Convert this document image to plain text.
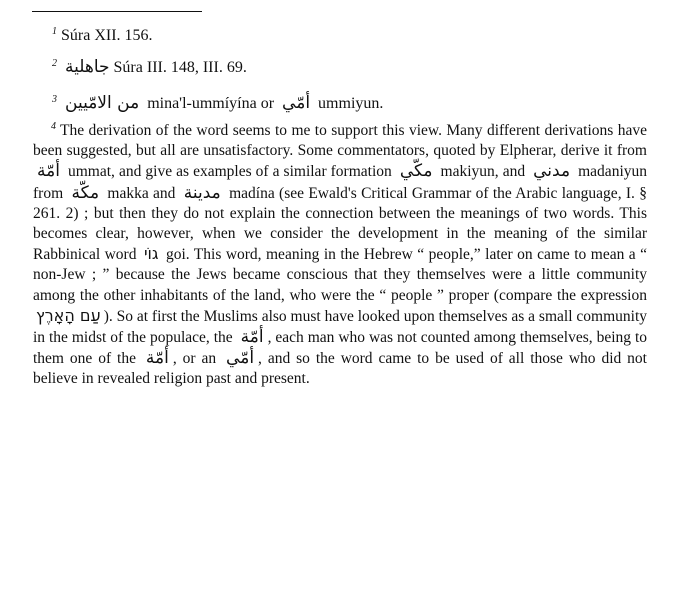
$^1$ Súra XII. 156.
$^2$ جاهلية Súra III. 148, III. 69.
$^3$ من الامّيين mina'l-ummíyína or أمّي ummiyun.
$^4$ The derivation of the word seems to me to support this view. Many different derivations have been suggested, but all are unsatisfactory. Some commentators, quoted by Elpherar, derive it from أمّة ummat, and give as examples of a similar formation مكّي makiyun, and مدني madaniyun from مكّة makka and مدينة madína (see Ewald's Critical Grammar of the Arabic language, I. § 261. 2) ; but then they do not explain the connection between the meanings of two words. This becomes clear, however, when we consider the development in the meaning of the similar Rabbinical word גוֹי goi. This word, meaning in the Hebrew “ people,” later on came to mean a “ non-Jew ; ” because the Jews became conscious that they themselves were a little community among the other inhabitants of the land, who were the “ people ” proper (compare the expression עַם הָאָרֶץ ). So at first the Muslims also must have looked upon themselves as a small community in the midst of the populace, the أمّة , each man who was not counted among themselves, being to them one of the أمّة , or an أمّي , and so the word came to be used of all those who did not believe in revealed religion past and present.
